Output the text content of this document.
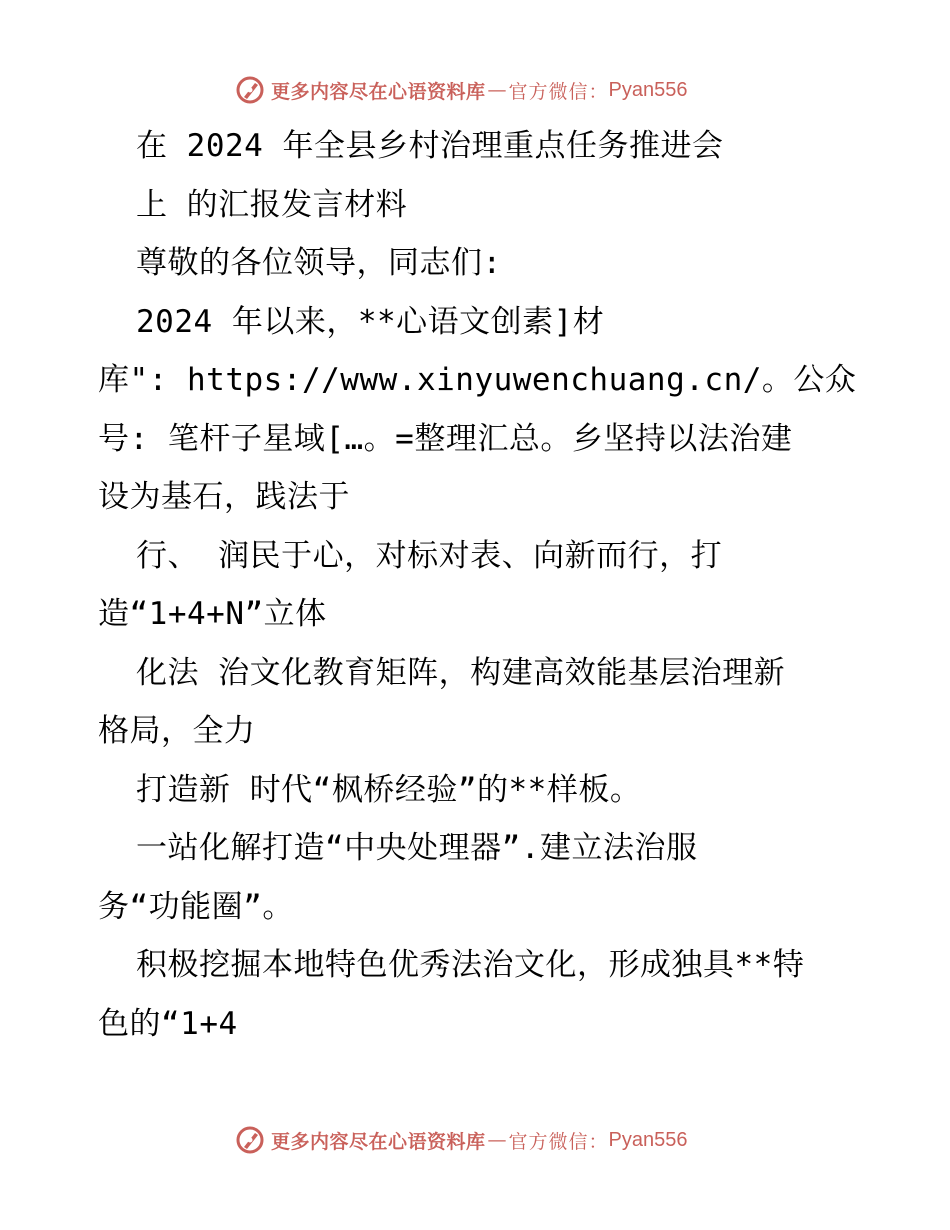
更多内容尽在心语资料库 — 官方微信： Pyan556
在 2024 年全县乡村治理重点任务推进会
上 的汇报发言材料
尊敬的各位领导，同志们:
2024 年以来，**心语文创素]材
库": https://www.xinyuwenchuang.cn/。公众
号: 笔杆子星域[…。=整理汇总。乡坚持以法治建
设为基石，践法于
行、 润民于心，对标对表、向新而行，打
造“1+4+N”立体
化法 治文化教育矩阵，构建高效能基层治理新
格局，全力
打造新 时代“枫桥经验”的**样板。
一站化解打造“中央处理器”.建立法治服
务“功能圈”。
积极挖掘本地特色优秀法治文化，形成独具**特
色的“1+4
更多内容尽在心语资料库 — 官方微信： Pyan556
